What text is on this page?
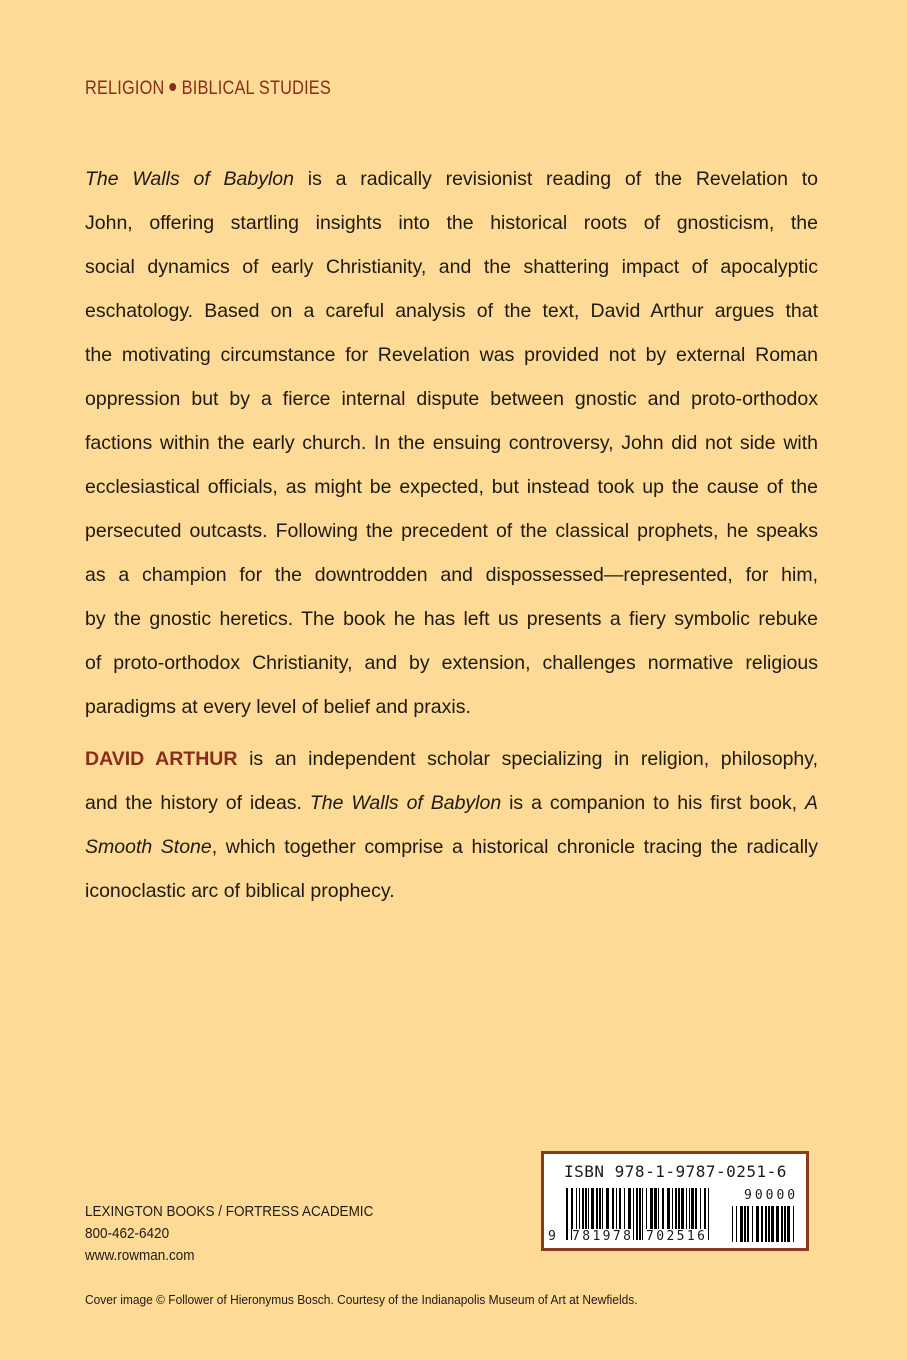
RELIGION BIBLICAL STUDIES
The Walls of Babylon is a radically revisionist reading of the Revelation to
John, offering startling insights into the historical roots of gnosticism, the
social dynamics of early Christianity, and the shattering impact of apocalyptic
eschatology. Based on a careful analysis of the text, David Arthur argues that
the motivating circumstance for Revelation was provided not by external Roman
oppression but by a fierce internal dispute between gnostic and proto-orthodox
factions within the early church. In the ensuing controversy, John did not side with
ecclesiastical officials, as might be expected, but instead took up the cause of the
persecuted outcasts. Following the precedent of the classical prophets, he speaks
as a champion for the downtrodden and dispossessed—represented, for him,
by the gnostic heretics. The book he has left us presents a fiery symbolic rebuke
of proto-orthodox Christianity, and by extension, challenges normative religious
paradigms at every level of belief and praxis.
DAVID ARTHUR is an independent scholar specializing in religion, philosophy,
and the history of ideas. The Walls of Babylon is a companion to his first book, A
Smooth Stone, which together comprise a historical chronicle tracing the radically
iconoclastic arc of biblical prophecy.
LEXINGTON BOOKS / FORTRESS ACADEMIC
800-462-6420
www.rowman.com
ISBN 978-1-9787-0251-6
9 781978 702516
90000
Cover image © Follower of Hieronymus Bosch. Courtesy of the Indianapolis Museum of Art at Newfields.
